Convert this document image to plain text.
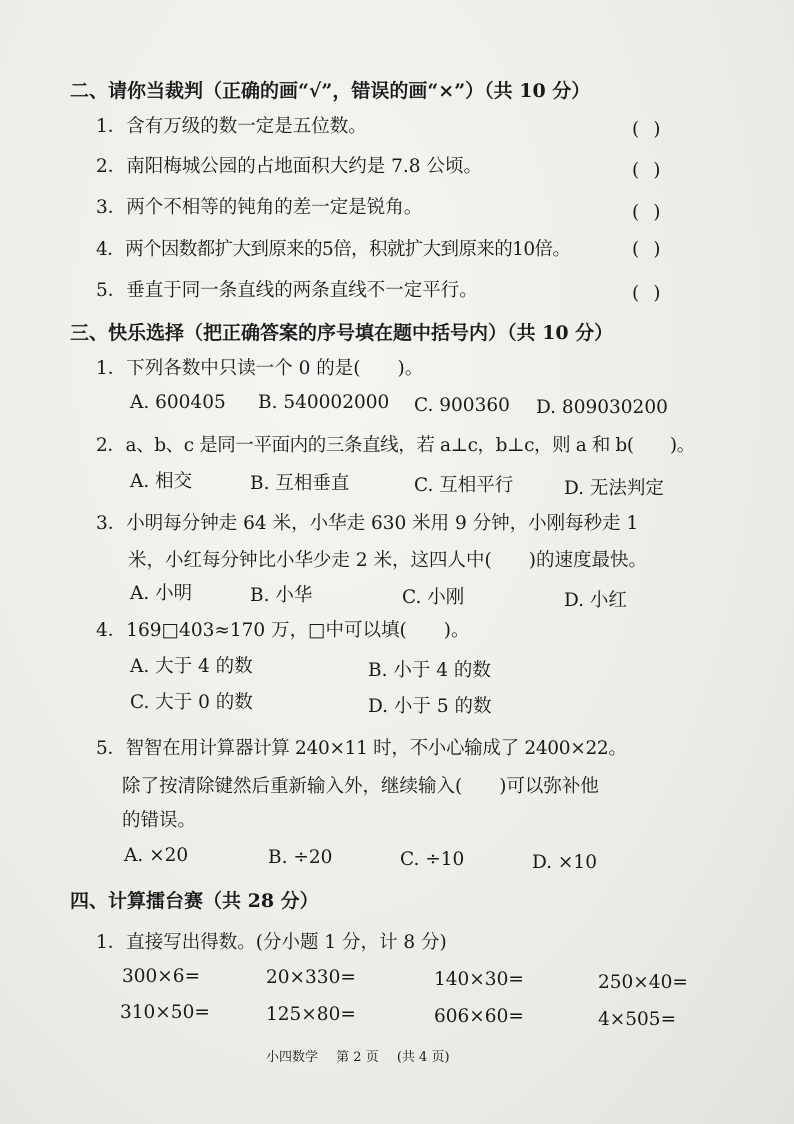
二、请你当裁判（正确的画“√”，错误的画“×”）（共 10 分）
1．含有万级的数一定是五位数。	()
2．南阳梅城公园的占地面积大约是 7.8 公顷。	()
3．两个不相等的钝角的差一定是锐角。	()
4．两个因数都扩大到原来的5倍，积就扩大到原来的10倍。	()
5．垂直于同一条直线的两条直线不一定平行。	()
三、快乐选择（把正确答案的序号填在题中括号内）（共 10 分）
1．下列各数中只读一个 0 的是(　　)。
A. 600405 B. 540002000 C. 900360 D. 809030200
2．a、b、c 是同一平面内的三条直线，若 a⊥c，b⊥c，则 a 和 b(　　)。
A. 相交	B. 互相垂直	C. 互相平行	D. 无法判定
3．小明每分钟走 64 米，小华走 630 米用 9 分钟，小刚每秒走 1
米，小红每分钟比小华少走 2 米，这四人中(　　)的速度最快。
A. 小明	B. 小华	C. 小刚	D. 小红
4．169□403≈170 万，□中可以填(　　)。
A. 大于 4 的数	B. 小于 4 的数
C. 大于 0 的数	D. 小于 5 的数
5．智智在用计算器计算 240×11 时，不小心输成了 2400×22。
除了按清除键然后重新输入外，继续输入(　　)可以弥补他
的错误。
A. ×20	B. ÷20	C. ÷10	D. ×10
四、计算擂台赛（共 28 分）
1．直接写出得数。(分小题 1 分，计 8 分)
300×6=	20×330=	140×30=	250×40=
310×50=	125×80=	606×60=	4×505=
小四数学 第 2 页 (共 4 页)
